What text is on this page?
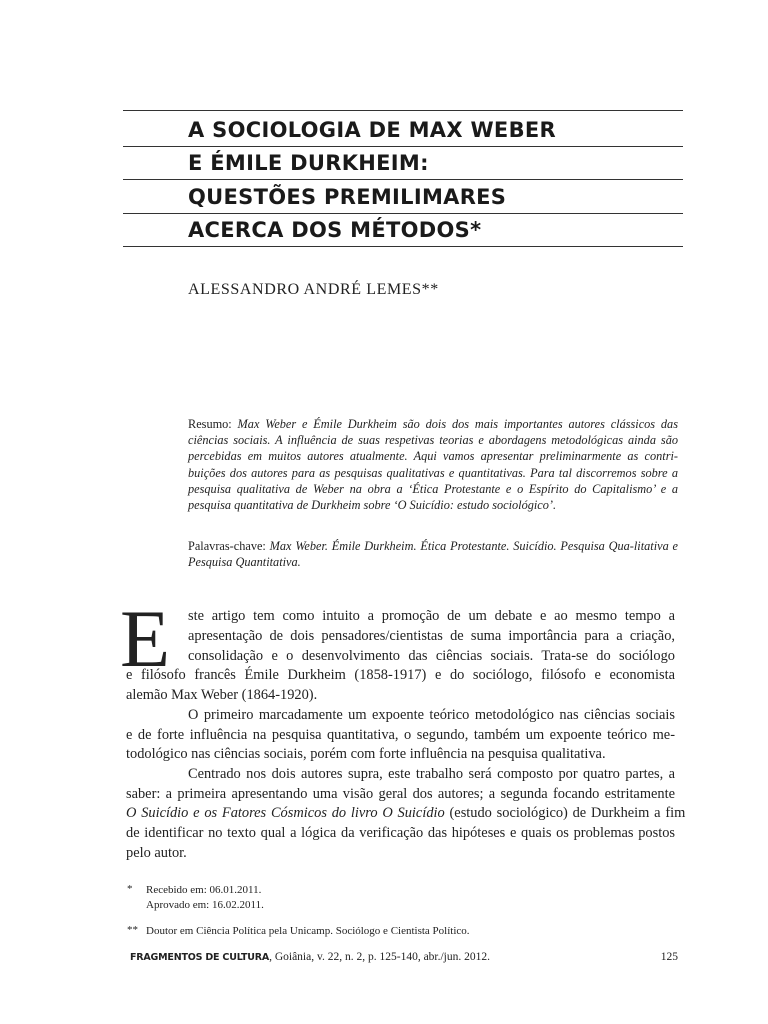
A SOCIOLOGIA DE MAX WEBER
E ÉMILE DURKHEIM:
QUESTÕES PREMILIMARES
ACERCA DOS MÉTODOS*
ALESSANDRO ANDRÉ LEMES**
Resumo: Max Weber e Émile Durkheim são dois dos mais importantes autores clássicos das ciências sociais. A influência de suas respetivas teorias e abordagens metodológicas ainda são percebidas em muitos autores atualmente. Aqui vamos apresentar preliminarmente as contri-buições dos autores para as pesquisas qualitativas e quantitativas. Para tal discorremos sobre a pesquisa qualitativa de Weber na obra a ‘Ética Protestante e o Espírito do Capitalismo’ e a pesquisa quantitativa de Durkheim sobre ‘O Suicídio: estudo sociológico’.
Palavras-chave: Max Weber. Émile Durkheim. Ética Protestante. Suicídio. Pesquisa Qua-litativa e Pesquisa Quantitativa.
E ste artigo tem como intuito a promoção de um debate e ao mesmo tempo a
apresentação de dois pensadores/cientistas de suma importância para a criação,
consolidação e o desenvolvimento das ciências sociais. Trata-se do sociólogo
e filósofo francês Émile Durkheim (1858-1917) e do sociólogo, filósofo e economista
alemão Max Weber (1864-1920).
O primeiro marcadamente um expoente teórico metodológico nas ciências sociais
e de forte influência na pesquisa quantitativa, o segundo, também um expoente teórico me-
todológico nas ciências sociais, porém com forte influência na pesquisa qualitativa.
Centrado nos dois autores supra, este trabalho será composto por quatro partes, a
saber: a primeira apresentando uma visão geral dos autores; a segunda focando estritamente
O Suicídio e os Fatores Cósmicos do livro O Suicídio (estudo sociológico) de Durkheim a fim
de identificar no texto qual a lógica da verificação das hipóteses e quais os problemas postos
pelo autor.
* Recebido em: 06.01.2011.
Aprovado em: 16.02.2011.
** Doutor em Ciência Política pela Unicamp. Sociólogo e Cientista Político.
FRAGMENTOS DE CULTURA, Goiânia, v. 22, n. 2, p. 125-140, abr./jun. 2012.	125
